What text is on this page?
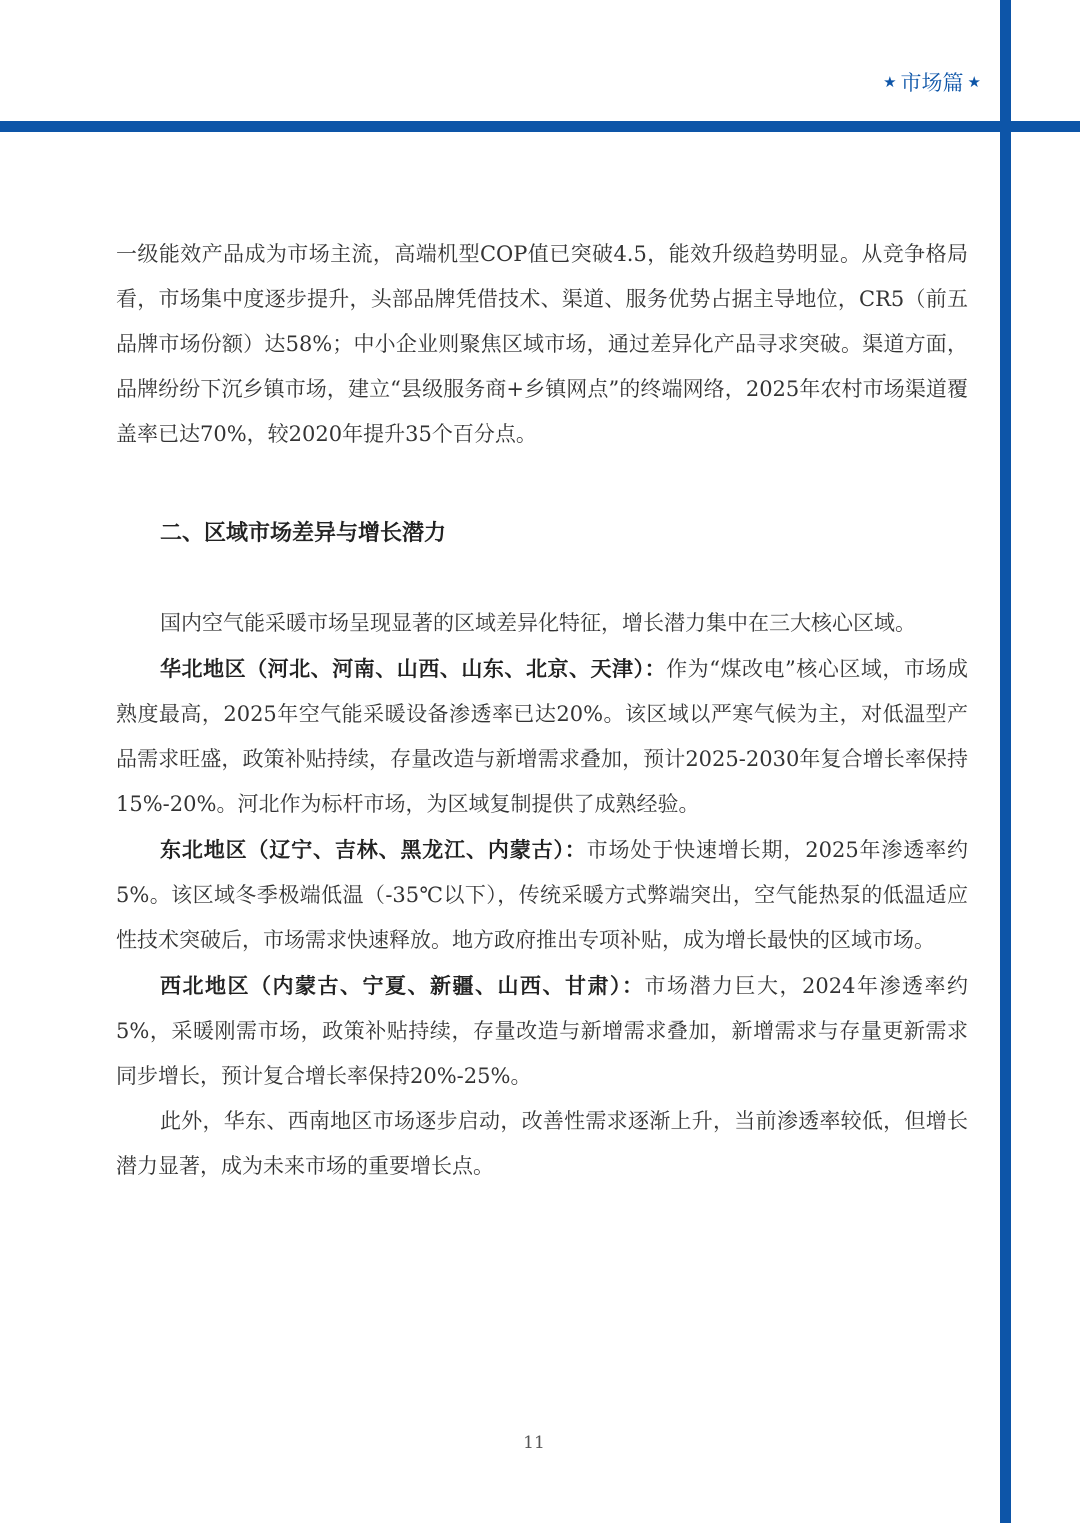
★ 市场篇 ★

一级能效产品成为市场主流，高端机型COP值已突破4.5，能效升级趋势明显。从竞争格局看，市场集中度逐步提升，头部品牌凭借技术、渠道、服务优势占据主导地位，CR5（前五品牌市场份额）达58%；中小企业则聚焦区域市场，通过差异化产品寻求突破。渠道方面，品牌纷纷下沉乡镇市场，建立“县级服务商+乡镇网点”的终端网络，2025年农村市场渠道覆盖率已达70%，较2020年提升35个百分点。

二、区域市场差异与增长潜力

国内空气能采暖市场呈现显著的区域差异化特征，增长潜力集中在三大核心区域。

华北地区（河北、河南、山西、山东、北京、天津）：作为“煤改电”核心区域，市场成熟度最高，2025年空气能采暖设备渗透率已达20%。该区域以严寒气候为主，对低温型产品需求旺盛，政策补贴持续，存量改造与新增需求叠加，预计2025-2030年复合增长率保持15%-20%。河北作为标杆市场，为区域复制提供了成熟经验。

东北地区（辽宁、吉林、黑龙江、内蒙古）：市场处于快速增长期，2025年渗透率约5%。该区域冬季极端低温（-35℃以下），传统采暖方式弊端突出，空气能热泵的低温适应性技术突破后，市场需求快速释放。地方政府推出专项补贴，成为增长最快的区域市场。

西北地区（内蒙古、宁夏、新疆、山西、甘肃）：市场潜力巨大，2024年渗透率约5%，采暖刚需市场，政策补贴持续，存量改造与新增需求叠加，新增需求与存量更新需求同步增长，预计复合增长率保持20%-25%。

此外，华东、西南地区市场逐步启动，改善性需求逐渐上升，当前渗透率较低，但增长潜力显著，成为未来市场的重要增长点。

11
